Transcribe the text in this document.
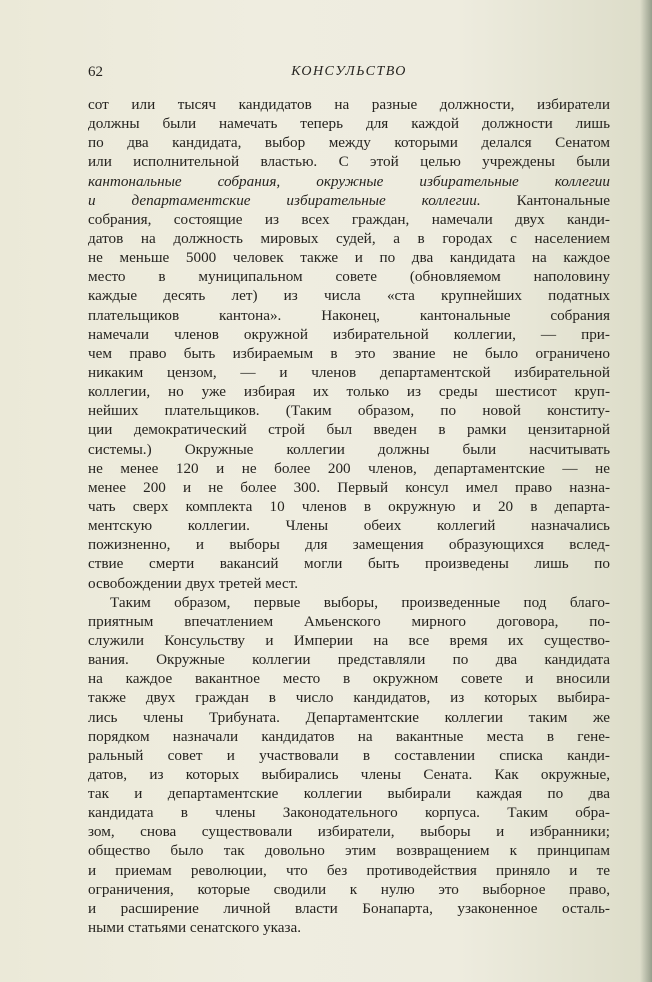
62	КОНСУЛЬСТВО
сот или тысяч кандидатов на разные должности, избиратели
должны были намечать теперь для каждой должности лишь
по два кандидата, выбор между которыми делался Сенатом
или исполнительной властью. С этой целью учреждены были
кантональные собрания, окружные избирательные коллегии
и департаментские избирательные коллегии. Кантональные
собрания, состоящие из всех граждан, намечали двух канди-
датов на должность мировых судей, а в городах с населением
не меньше 5000 человек также и по два кандидата на каждое
место в муниципальном совете (обновляемом наполовину
каждые десять лет) из числа «ста крупнейших податных
плательщиков кантона». Наконец, кантональные собрания
намечали членов окружной избирательной коллегии, — при-
чем право быть избираемым в это звание не было ограничено
никаким цензом, — и членов департаментской избирательной
коллегии, но уже избирая их только из среды шестисот круп-
нейших плательщиков. (Таким образом, по новой конститу-
ции демократический строй был введен в рамки цензитарной
системы.) Окружные коллегии должны были насчитывать
не менее 120 и не более 200 членов, департаментские — не
менее 200 и не более 300. Первый консул имел право назна-
чать сверх комплекта 10 членов в окружную и 20 в департа-
ментскую коллегии. Члены обеих коллегий назначались
пожизненно, и выборы для замещения образующихся вслед-
ствие смерти вакансий могли быть произведены лишь по
освобождении двух третей мест.
Таким образом, первые выборы, произведенные под благо-
приятным впечатлением Амьенского мирного договора, по-
служили Консульству и Империи на все время их существо-
вания. Окружные коллегии представляли по два кандидата
на каждое вакантное место в окружном совете и вносили
также двух граждан в число кандидатов, из которых выбира-
лись члены Трибуната. Департаментские коллегии таким же
порядком назначали кандидатов на вакантные места в гене-
ральный совет и участвовали в составлении списка канди-
датов, из которых выбирались члены Сената. Как окружные,
так и департаментские коллегии выбирали каждая по два
кандидата в члены Законодательного корпуса. Таким обра-
зом, снова существовали избиратели, выборы и избранники;
общество было так довольно этим возвращением к принципам
и приемам революции, что без противодействия приняло и те
ограничения, которые сводили к нулю это выборное право,
и расширение личной власти Бонапарта, узаконенное осталь-
ными статьями сенатского указа.
